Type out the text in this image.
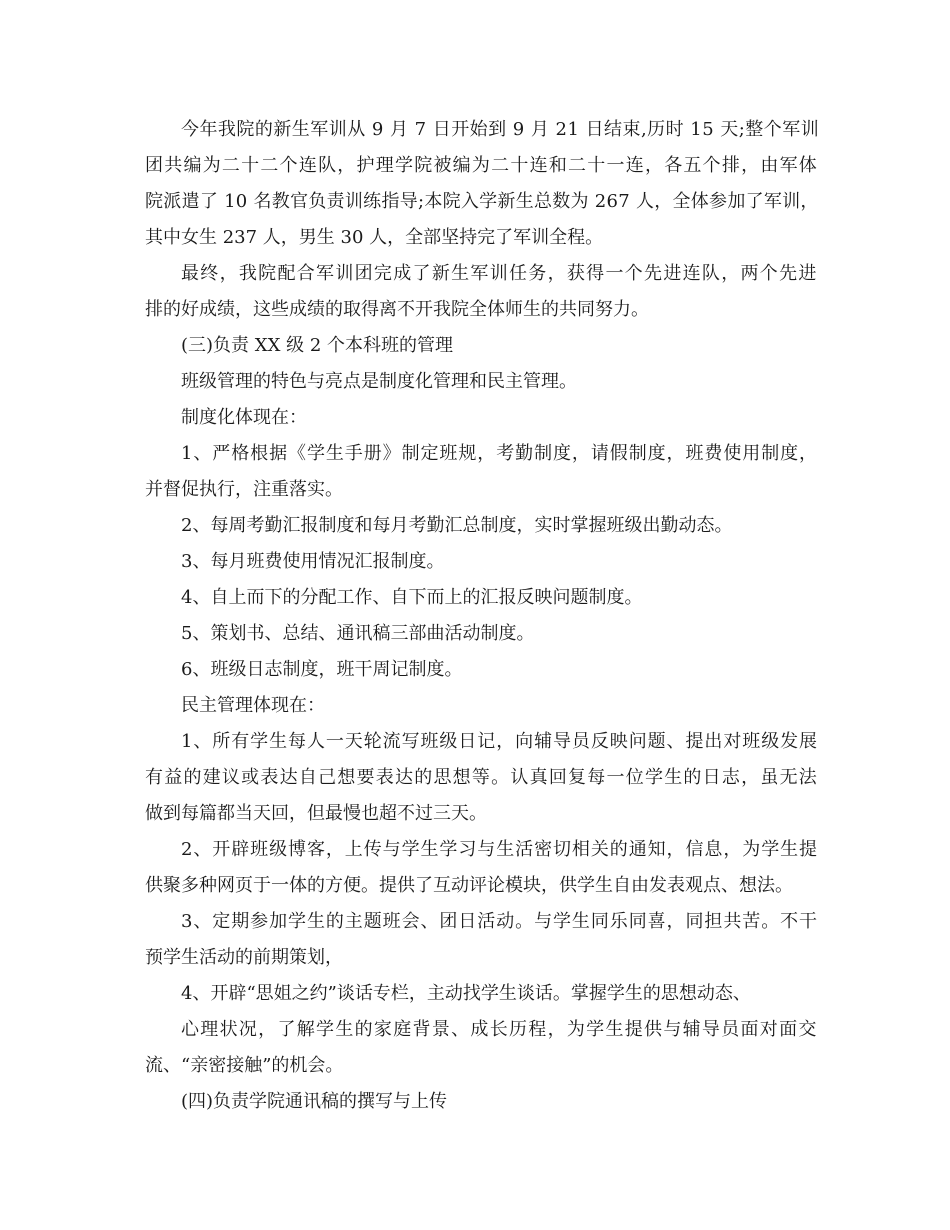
今年我院的新生军训从 9 月 7 日开始到 9 月 21 日结束,历时 15 天;整个军训
团共编为二十二个连队，护理学院被编为二十连和二十一连，各五个排，由军体
院派遣了 10 名教官负责训练指导;本院入学新生总数为 267 人，全体参加了军训，
其中女生 237 人，男生 30 人，全部坚持完了军训全程。
最终，我院配合军训团完成了新生军训任务，获得一个先进连队，两个先进
排的好成绩，这些成绩的取得离不开我院全体师生的共同努力。
(三)负责 XX 级 2 个本科班的管理
班级管理的特色与亮点是制度化管理和民主管理。
制度化体现在：
1、严格根据《学生手册》制定班规，考勤制度，请假制度，班费使用制度，
并督促执行，注重落实。
2、每周考勤汇报制度和每月考勤汇总制度，实时掌握班级出勤动态。
3、每月班费使用情况汇报制度。
4、自上而下的分配工作、自下而上的汇报反映问题制度。
5、策划书、总结、通讯稿三部曲活动制度。
6、班级日志制度，班干周记制度。
民主管理体现在：
1、所有学生每人一天轮流写班级日记，向辅导员反映问题、提出对班级发展
有益的建议或表达自己想要表达的思想等。认真回复每一位学生的日志，虽无法
做到每篇都当天回，但最慢也超不过三天。
2、开辟班级博客，上传与学生学习与生活密切相关的通知，信息，为学生提
供聚多种网页于一体的方便。提供了互动评论模块，供学生自由发表观点、想法。
3、定期参加学生的主题班会、团日活动。与学生同乐同喜，同担共苦。不干
预学生活动的前期策划，
4、开辟“思姐之约”谈话专栏，主动找学生谈话。掌握学生的思想动态、
心理状况，了解学生的家庭背景、成长历程，为学生提供与辅导员面对面交
流、“亲密接触”的机会。
(四)负责学院通讯稿的撰写与上传
